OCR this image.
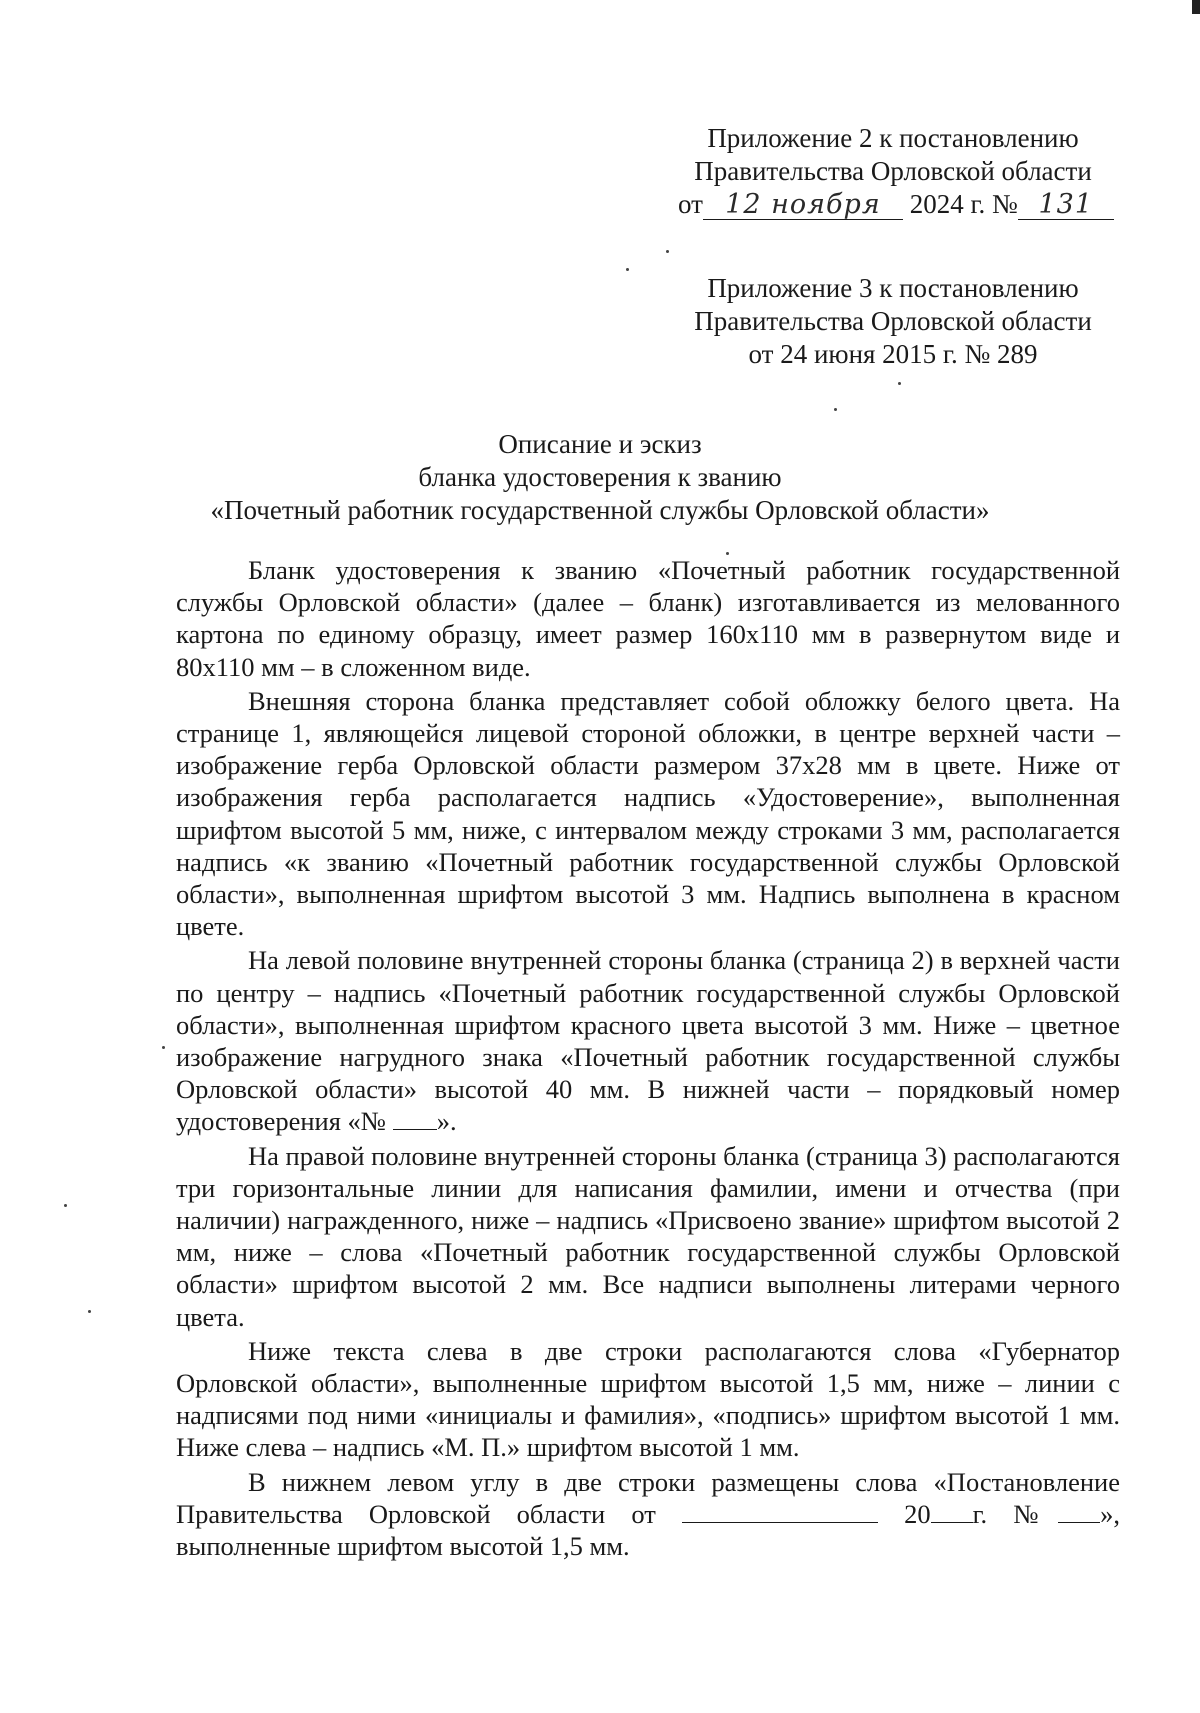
Приложение 2 к постановлению
Правительства Орловской области
от 12 ноября 2024 г. № 131
Приложение 3 к постановлению
Правительства Орловской области
от 24 июня 2015 г. № 289
Описание и эскиз
бланка удостоверения к званию
«Почетный работник государственной службы Орловской области»

Бланк удостоверения к званию «Почетный работник государственной службы Орловской области» (далее – бланк) изготавливается из мелованного картона по единому образцу, имеет размер 160х110 мм в развернутом виде и 80х110 мм – в сложенном виде.

Внешняя сторона бланка представляет собой обложку белого цвета. На странице 1, являющейся лицевой стороной обложки, в центре верхней части – изображение герба Орловской области размером 37х28 мм в цвете. Ниже от изображения герба располагается надпись «Удостоверение», выполненная шрифтом высотой 5 мм, ниже, с интервалом между строками 3 мм, располагается надпись «к званию «Почетный работник государственной службы Орловской области», выполненная шрифтом высотой 3 мм. Надпись выполнена в красном цвете.

На левой половине внутренней стороны бланка (страница 2) в верхней части по центру – надпись «Почетный работник государственной службы Орловской области», выполненная шрифтом красного цвета высотой 3 мм. Ниже – цветное изображение нагрудного знака «Почетный работник государственной службы Орловской области» высотой 40 мм. В нижней части – порядковый номер удостоверения «№ ».

На правой половине внутренней стороны бланка (страница 3) располагаются три горизонтальные линии для написания фамилии, имени и отчества (при наличии) награжденного, ниже – надпись «Присвоено звание» шрифтом высотой 2 мм, ниже – слова «Почетный работник государственной службы Орловской области» шрифтом высотой 2 мм. Все надписи выполнены литерами черного цвета.

Ниже текста слева в две строки располагаются слова «Губернатор Орловской области», выполненные шрифтом высотой 1,5 мм, ниже – линии с надписями под ними «инициалы и фамилия», «подпись» шрифтом высотой 1 мм. Ниже слева – надпись «М. П.» шрифтом высотой 1 мм.

В нижнем левом углу в две строки размещены слова «Постановление Правительства Орловской области от	20 г. № », выполненные шрифтом высотой 1,5 мм.
